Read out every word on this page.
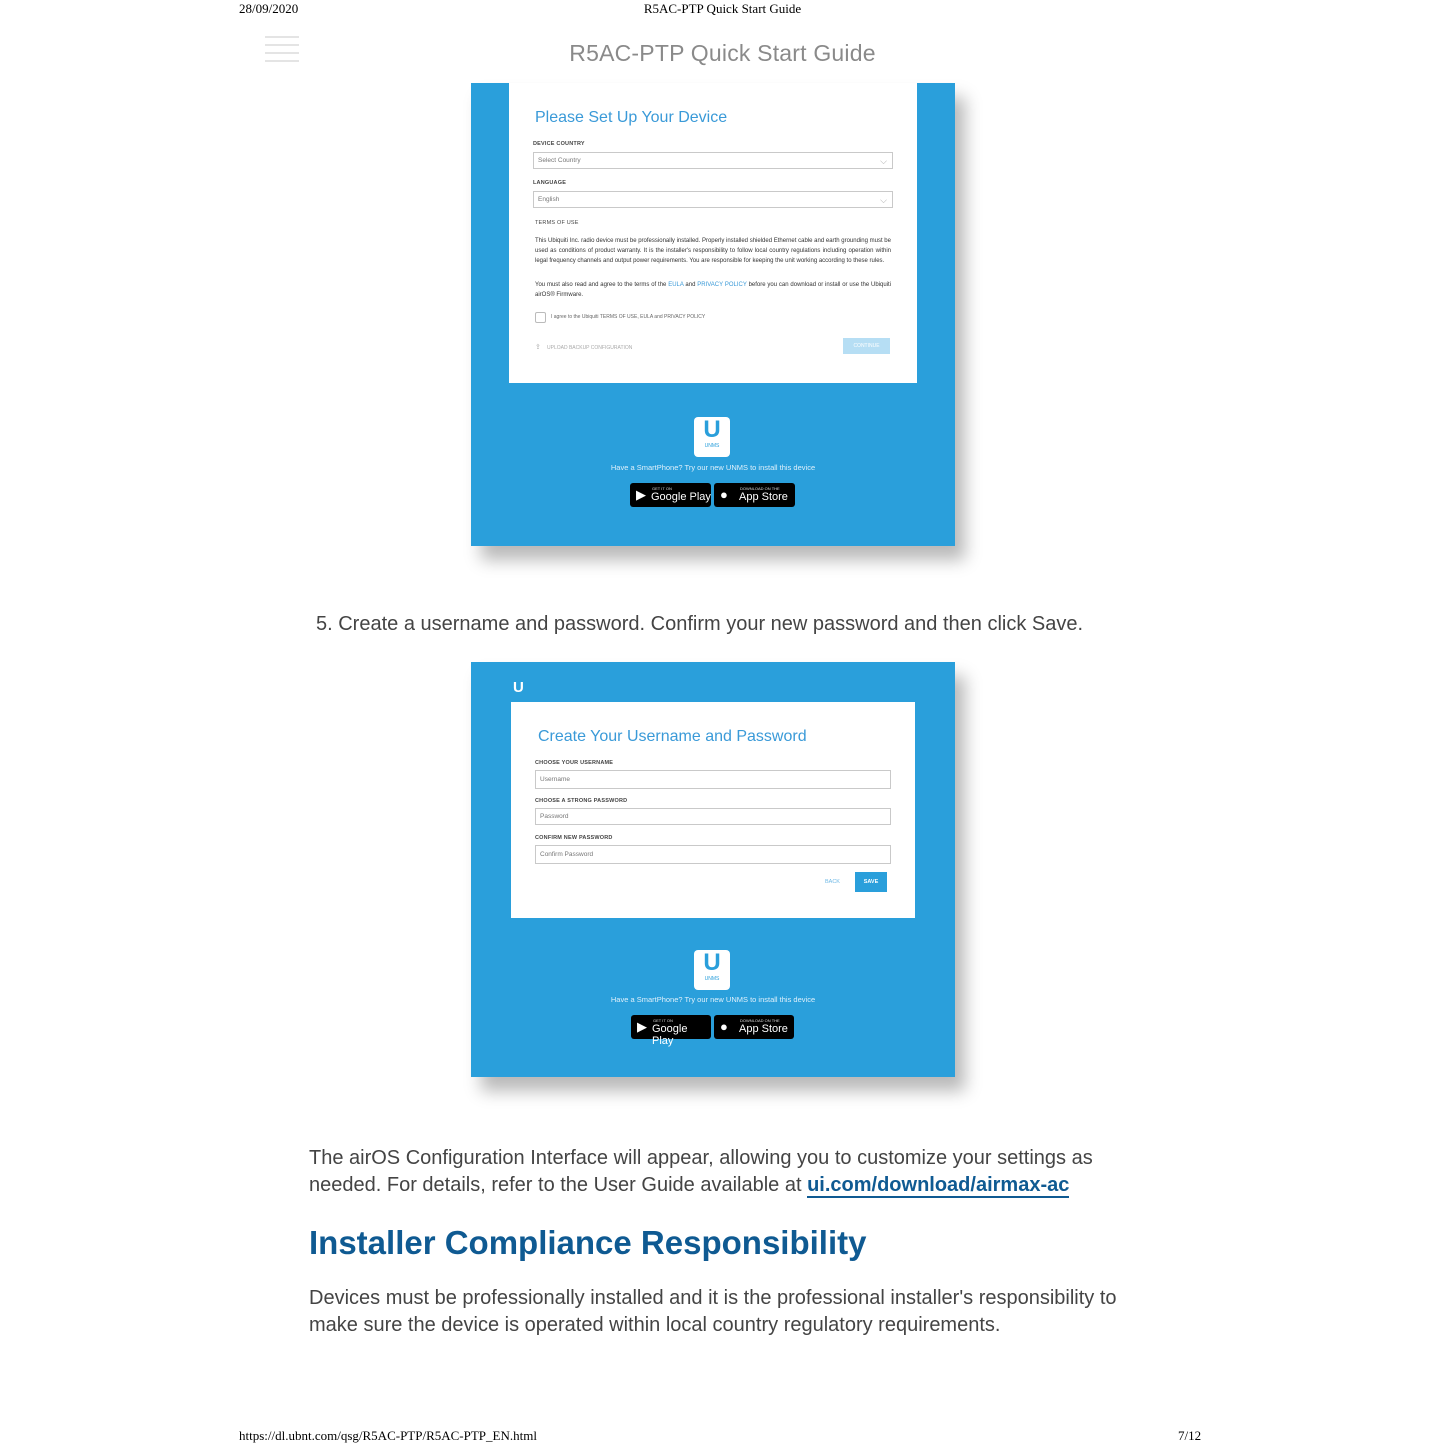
28/09/2020	R5AC-PTP Quick Start Guide
R5AC-PTP Quick Start Guide
Please Set Up Your Device
DEVICE COUNTRY
Select Country	⌵
LANGUAGE
English	⌵
TERMS OF USE
This Ubiquiti Inc. radio device must be professionally installed. Properly installed shielded Ethernet cable and earth grounding must be used as conditions of product warranty. It is the installer's responsibility to follow local country regulations including operation within legal frequency channels and output power requirements. You are responsible for keeping the unit working according to these rules.
You must also read and agree to the terms of the EULA and PRIVACY POLICY before you can download or install or use the Ubiquiti airOS® Firmware.
I agree to the Ubiquiti TERMS OF USE, EULA and PRIVACY POLICY
⇪ UPLOAD BACKUP CONFIGURATION	CONTINUE
U
UNMS
Have a SmartPhone? Try our new UNMS to install this device
▶ GET IT ON
Google Play ●	DOWNLOAD ON THE
App Store
5. Create a username and password. Confirm your new password and then click Save.
U
Create Your Username and Password
CHOOSE YOUR USERNAME
Username
CHOOSE A STRONG PASSWORD
Password
CONFIRM NEW PASSWORD
Confirm Password
BACK	SAVE
U
UNMS
Have a SmartPhone? Try our new UNMS to install this device
▶ GET IT ON
Google Play
●	DOWNLOAD ON THE
App Store
The airOS Configuration Interface will appear, allowing you to customize your settings as needed. For details, refer to the User Guide available at ui.com/download/airmax-ac
Installer Compliance Responsibility
Devices must be professionally installed and it is the professional installer's responsibility to make sure the device is operated within local country regulatory requirements.
https://dl.ubnt.com/qsg/R5AC-PTP/R5AC-PTP_EN.html	7/12
